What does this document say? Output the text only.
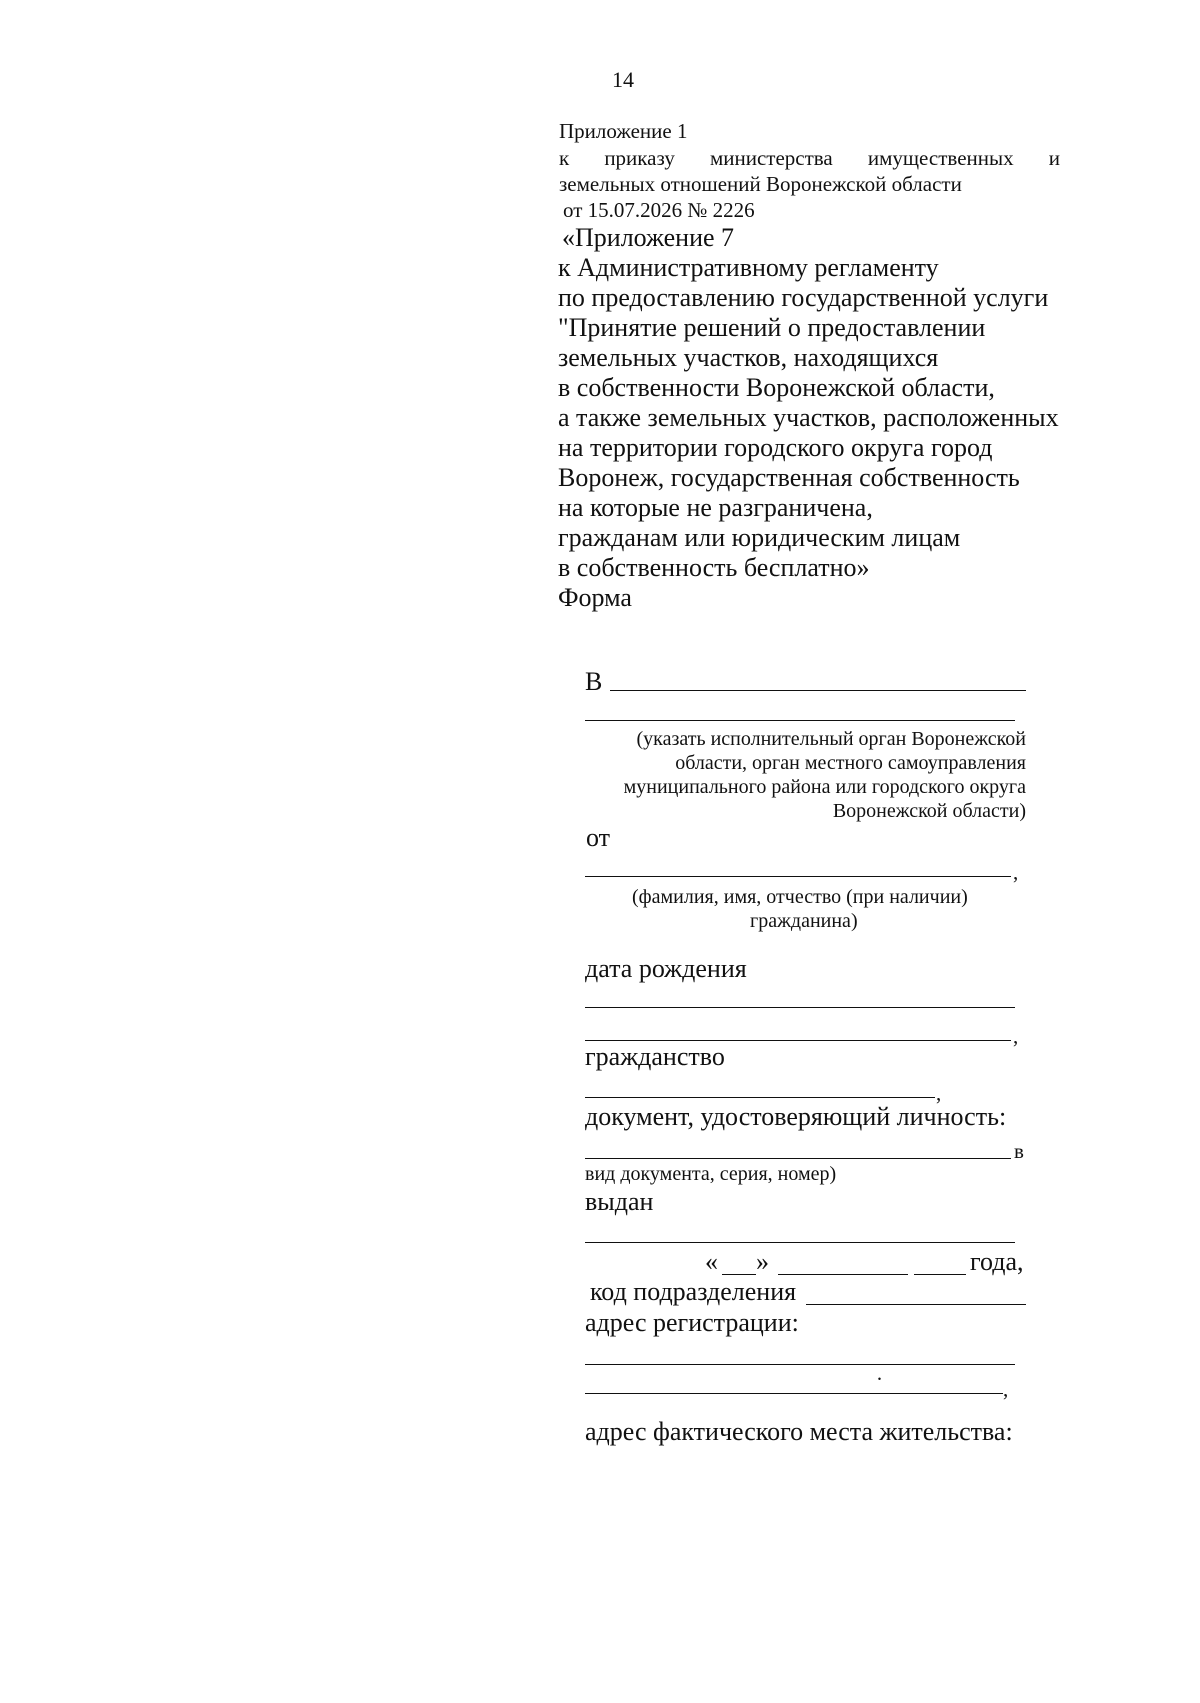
14
Приложение 1
к приказу министерства имущественных и
земельных отношений Воронежской области
от 15.07.2026 № 2226
«Приложение 7
к Административному регламенту
по предоставлению государственной услуги
"Принятие решений о предоставлении
земельных участков, находящихся
в собственности Воронежской области,
а также земельных участков, расположенных
на территории городского округа город
Воронеж, государственная собственность
на которые не разграничена,
гражданам или юридическим лицам
в собственность бесплатно»
Форма
В
(указать исполнительный орган Воронежской
области, орган местного самоуправления
муниципального района или городского округа
Воронежской области)
от
,
(фамилия, имя, отчество (при наличии)
гражданина)
дата рождения
,
гражданство
,
документ, удостоверяющий личность:
в
вид документа, серия, номер)
выдан
« »	года,
код подразделения
адрес регистрации:
·	,
адрес фактического места жительства:
